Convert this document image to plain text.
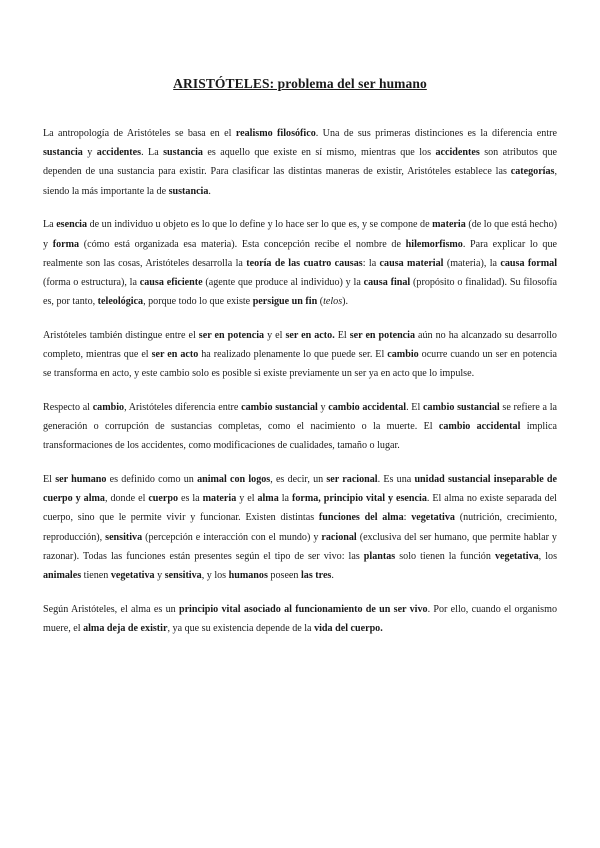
ARISTÓTELES: problema del ser humano

La antropología de Aristóteles se basa en el realismo filosófico. Una de sus primeras distinciones es la diferencia entre sustancia y accidentes. La sustancia es aquello que existe en sí mismo, mientras que los accidentes son atributos que dependen de una sustancia para existir. Para clasificar las distintas maneras de existir, Aristóteles establece las categorías, siendo la más importante la de sustancia.

La esencia de un individuo u objeto es lo que lo define y lo hace ser lo que es, y se compone de materia (de lo que está hecho) y forma (cómo está organizada esa materia). Esta concepción recibe el nombre de hilemorfismo. Para explicar lo que realmente son las cosas, Aristóteles desarrolla la teoría de las cuatro causas: la causa material (materia), la causa formal (forma o estructura), la causa eficiente (agente que produce al individuo) y la causa final (propósito o finalidad). Su filosofía es, por tanto, teleológica, porque todo lo que existe persigue un fin (telos).

Aristóteles también distingue entre el ser en potencia y el ser en acto. El ser en potencia aún no ha alcanzado su desarrollo completo, mientras que el ser en acto ha realizado plenamente lo que puede ser. El cambio ocurre cuando un ser en potencia se transforma en acto, y este cambio solo es posible si existe previamente un ser ya en acto que lo impulse.

Respecto al cambio, Aristóteles diferencia entre cambio sustancial y cambio accidental. El cambio sustancial se refiere a la generación o corrupción de sustancias completas, como el nacimiento o la muerte. El cambio accidental implica transformaciones de los accidentes, como modificaciones de cualidades, tamaño o lugar.

El ser humano es definido como un animal con logos, es decir, un ser racional. Es una unidad sustancial inseparable de cuerpo y alma, donde el cuerpo es la materia y el alma la forma, principio vital y esencia. El alma no existe separada del cuerpo, sino que le permite vivir y funcionar. Existen distintas funciones del alma: vegetativa (nutrición, crecimiento, reproducción), sensitiva (percepción e interacción con el mundo) y racional (exclusiva del ser humano, que permite hablar y razonar). Todas las funciones están presentes según el tipo de ser vivo: las plantas solo tienen la función vegetativa, los animales tienen vegetativa y sensitiva, y los humanos poseen las tres.

Según Aristóteles, el alma es un principio vital asociado al funcionamiento de un ser vivo. Por ello, cuando el organismo muere, el alma deja de existir, ya que su existencia depende de la vida del cuerpo.
